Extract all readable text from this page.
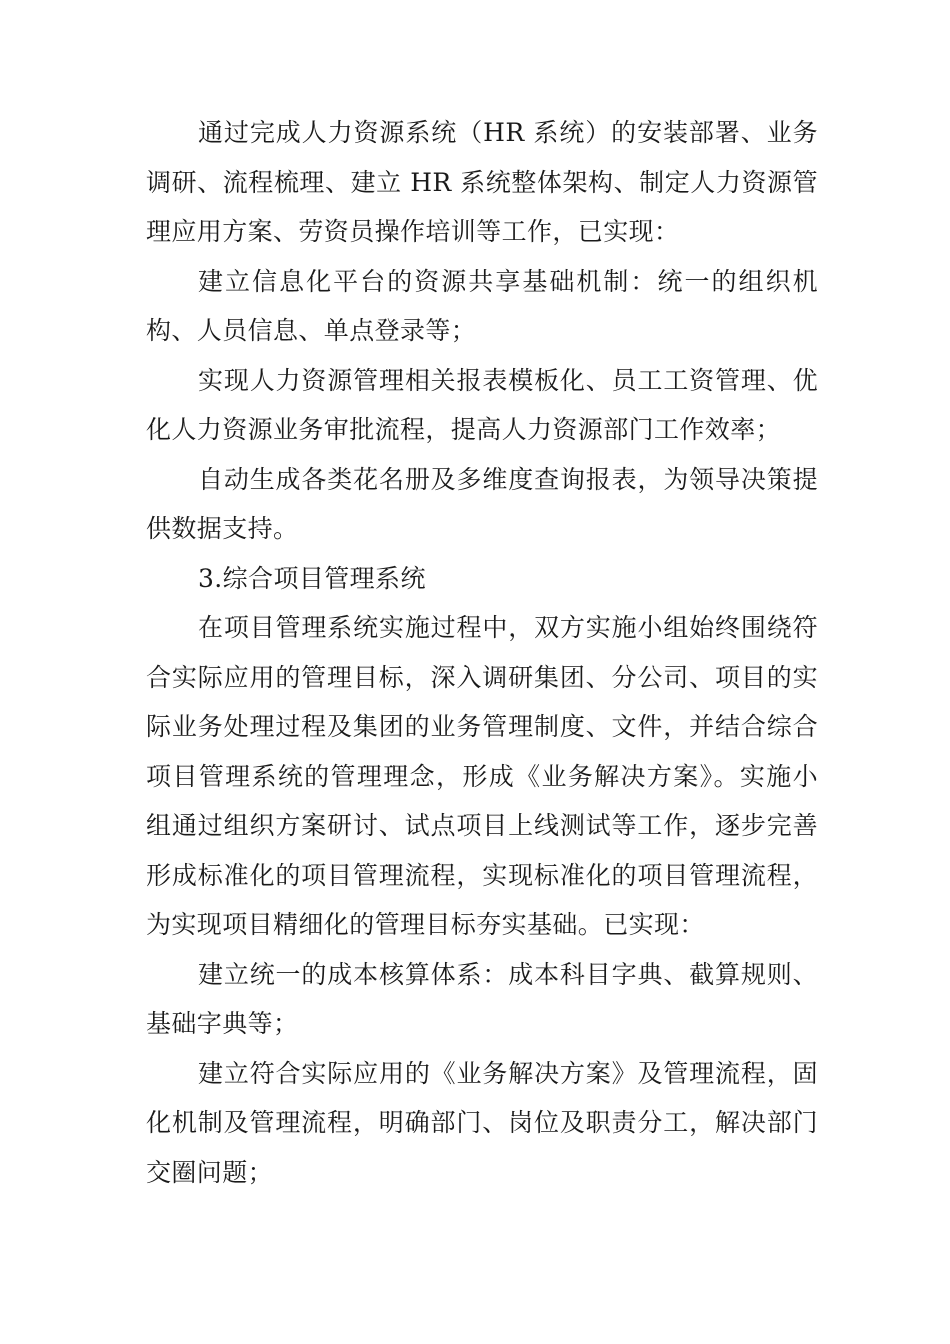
通过完成人力资源系统（HR 系统）的安装部署、业务调研、流程梳理、建立 HR 系统整体架构、制定人力资源管理应用方案、劳资员操作培训等工作，已实现：

建立信息化平台的资源共享基础机制：统一的组织机构、人员信息、单点登录等；

实现人力资源管理相关报表模板化、员工工资管理、优化人力资源业务审批流程，提高人力资源部门工作效率；

自动生成各类花名册及多维度查询报表，为领导决策提供数据支持。

3.综合项目管理系统

在项目管理系统实施过程中，双方实施小组始终围绕符合实际应用的管理目标，深入调研集团、分公司、项目的实际业务处理过程及集团的业务管理制度、文件，并结合综合项目管理系统的管理理念，形成《业务解决方案》。实施小组通过组织方案研讨、试点项目上线测试等工作，逐步完善形成标准化的项目管理流程，实现标准化的项目管理流程，为实现项目精细化的管理目标夯实基础。已实现：

建立统一的成本核算体系：成本科目字典、截算规则、基础字典等；

建立符合实际应用的《业务解决方案》及管理流程，固化机制及管理流程，明确部门、岗位及职责分工，解决部门交圈问题；
